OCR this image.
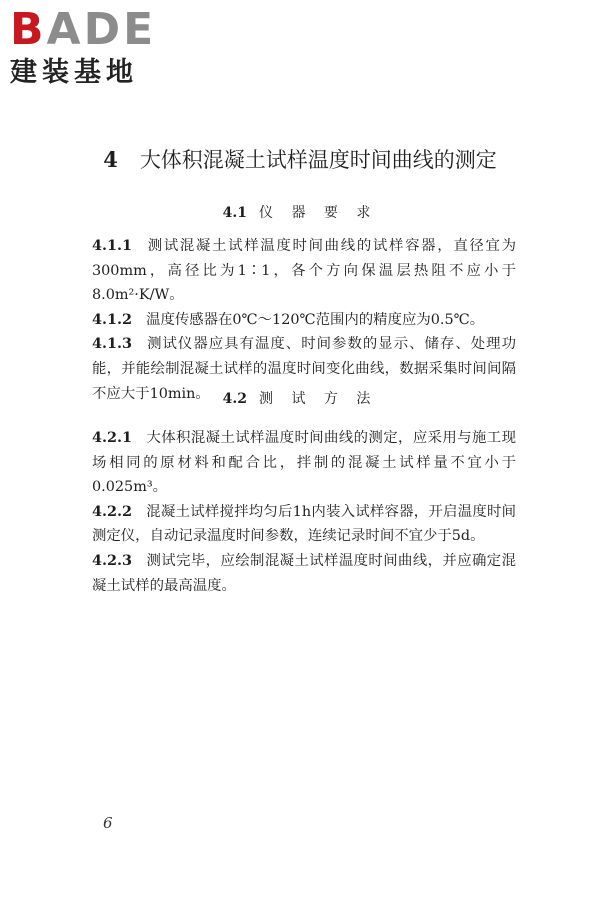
BADE
建装基地
4 大体积混凝土试样温度时间曲线的测定
4.1 仪 器 要 求

4.1.1 测试混凝土试样温度时间曲线的试样容器，直径宜为300mm，高径比为1∶1，各个方向保温层热阻不应小于8.0m²·K/W。

4.1.2 温度传感器在0℃～120℃范围内的精度应为0.5℃。

4.1.3 测试仪器应具有温度、时间参数的显示、储存、处理功能，并能绘制混凝土试样的温度时间变化曲线，数据采集时间间隔不应大于10min。 4.2 测 试 方 法

4.2.1 大体积混凝土试样温度时间曲线的测定，应采用与施工现场相同的原材料和配合比，拌制的混凝土试样量不宜小于0.025m³。

4.2.2 混凝土试样搅拌均匀后1h内装入试样容器，开启温度时间测定仪，自动记录温度时间参数，连续记录时间不宜少于5d。

4.2.3 测试完毕，应绘制混凝土试样温度时间曲线，并应确定混凝土试样的最高温度。

6
